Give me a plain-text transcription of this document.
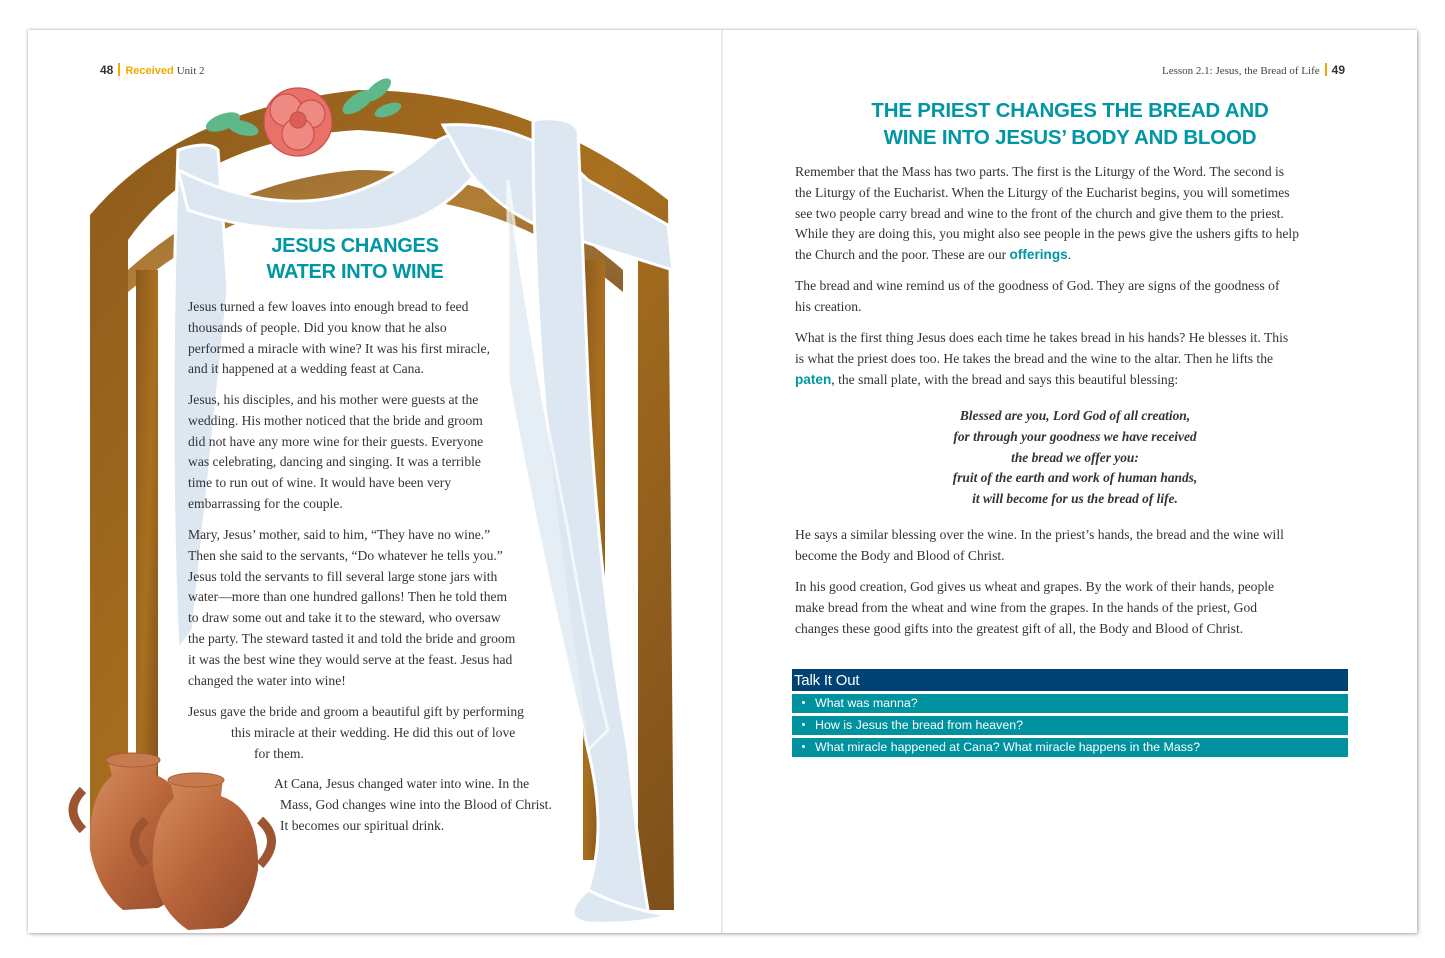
48 Received Unit 2
JESUS CHANGES
WATER INTO WINE
Jesus turned a few loaves into enough bread to feed
thousands of people. Did you know that he also
performed a miracle with wine? It was his first miracle,
and it happened at a wedding feast at Cana.
Jesus, his disciples, and his mother were guests at the
wedding. His mother noticed that the bride and groom
did not have any more wine for their guests. Everyone
was celebrating, dancing and singing. It was a terrible
time to run out of wine. It would have been very
embarrassing for the couple.
Mary, Jesus’ mother, said to him, “They have no wine.”
Then she said to the servants, “Do whatever he tells you.”
Jesus told the servants to fill several large stone jars with
water—more than one hundred gallons! Then he told them
to draw some out and take it to the steward, who oversaw
the party. The steward tasted it and told the bride and groom
it was the best wine they would serve at the feast. Jesus had
changed the water into wine!
Jesus gave the bride and groom a beautiful gift by performing
this miracle at their wedding. He did this out of love
for them.
At Cana, Jesus changed water into wine. In the
Mass, God changes wine into the Blood of Christ.
It becomes our spiritual drink.
Lesson 2.1: Jesus, the Bread of Life 49
THE PRIEST CHANGES THE BREAD AND
WINE INTO JESUS’ BODY AND BLOOD
Remember that the Mass has two parts. The first is the Liturgy of the Word. The second is
the Liturgy of the Eucharist. When the Liturgy of the Eucharist begins, you will sometimes
see two people carry bread and wine to the front of the church and give them to the priest.
While they are doing this, you might also see people in the pews give the ushers gifts to help
the Church and the poor. These are our offerings.
The bread and wine remind us of the goodness of God. They are signs of the goodness of
his creation.
What is the first thing Jesus does each time he takes bread in his hands? He blesses it. This
is what the priest does too. He takes the bread and the wine to the altar. Then he lifts the
paten, the small plate, with the bread and says this beautiful blessing:
Blessed are you, Lord God of all creation,
for through your goodness we have received
the bread we offer you:
fruit of the earth and work of human hands,
it will become for us the bread of life.
He says a similar blessing over the wine. In the priest’s hands, the bread and the wine will
become the Body and Blood of Christ.
In his good creation, God gives us wheat and grapes. By the work of their hands, people
make bread from the wheat and wine from the grapes. In the hands of the priest, God
changes these good gifts into the greatest gift of all, the Body and Blood of Christ.
Talk It Out
What was manna?
How is Jesus the bread from heaven?
What miracle happened at Cana? What miracle happens in the Mass?
